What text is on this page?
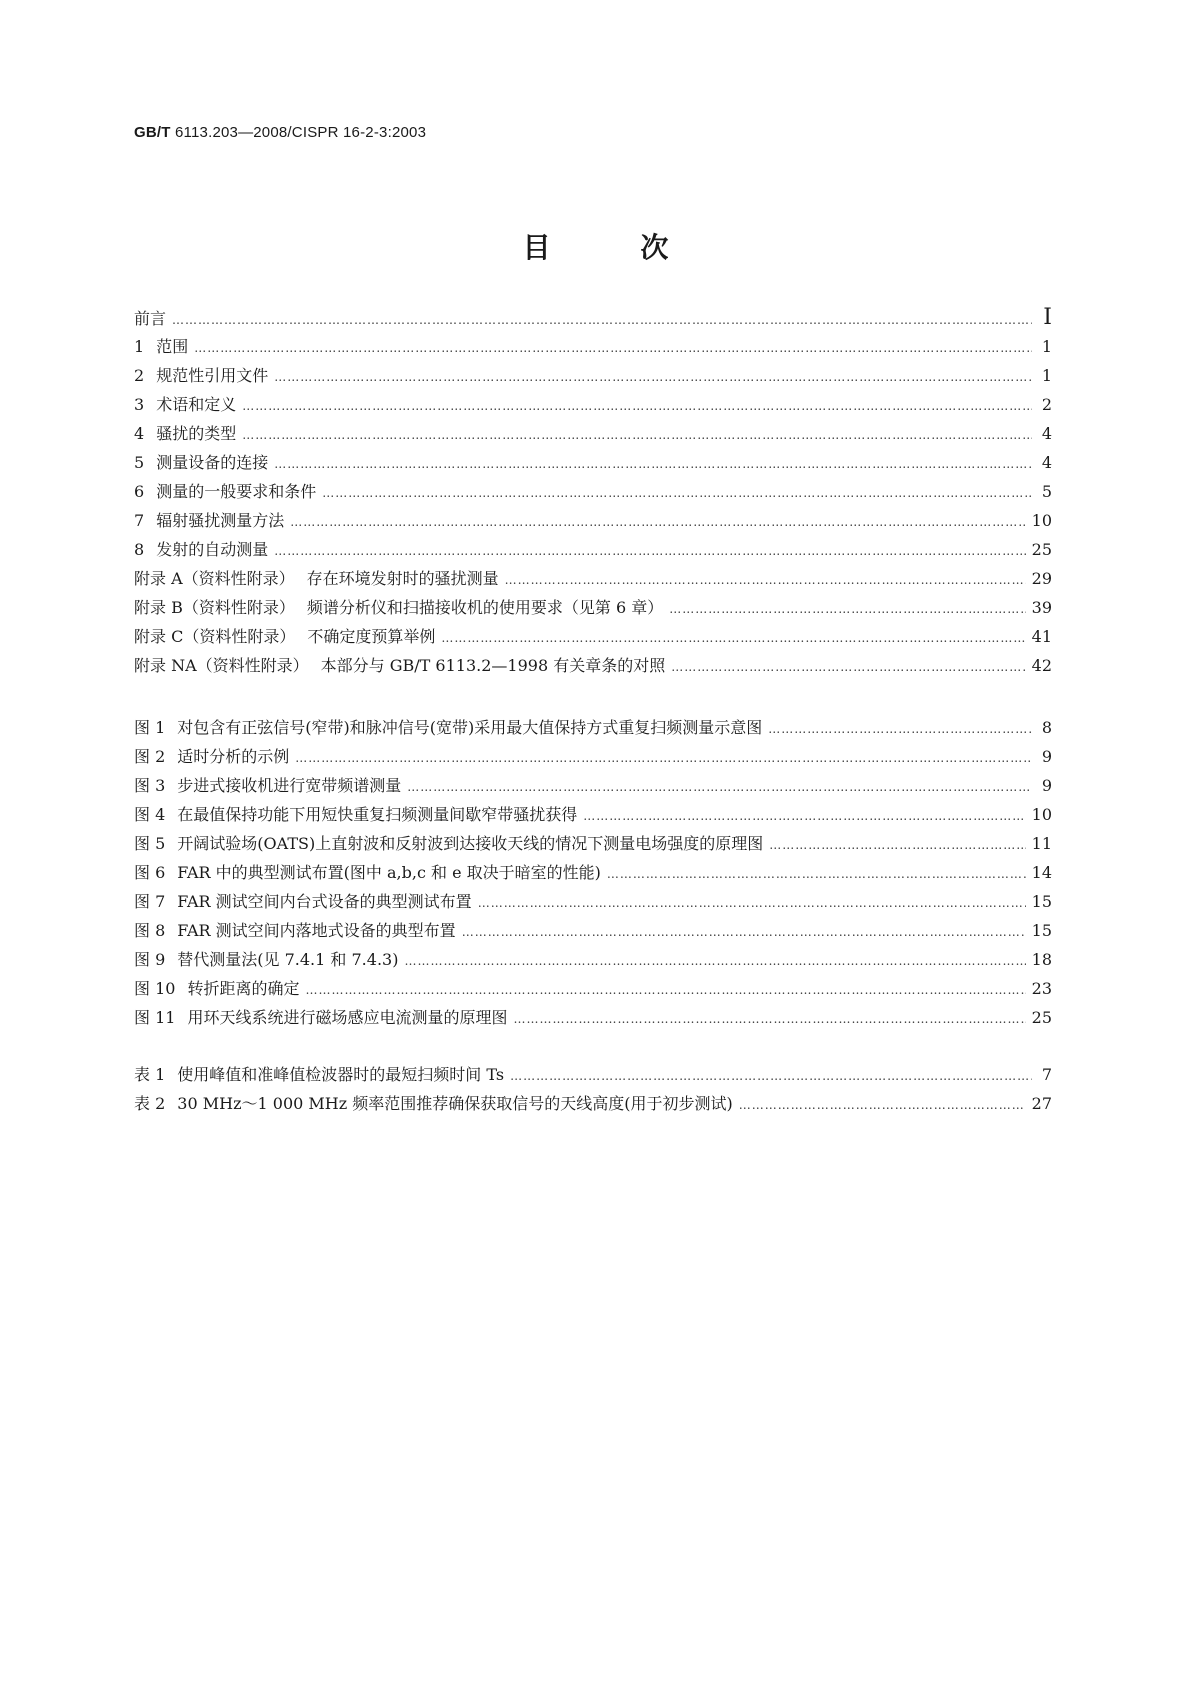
GB/T 6113.203—2008/CISPR 16-2-3:2003
目 次
前言 …………………………………………………………………………………………………………………………………………………………………………………………………………………………	Ⅰ
1 范围 …………………………………………………………………………………………………………………………………………………………………………………………………………………………	1
2 规范性引用文件 …………………………………………………………………………………………………………………………………………………………………………………………………………………………	1
3 术语和定义 …………………………………………………………………………………………………………………………………………………………………………………………………………………………	2
4 骚扰的类型 …………………………………………………………………………………………………………………………………………………………………………………………………………………………	4
5 测量设备的连接 …………………………………………………………………………………………………………………………………………………………………………………………………………………………	4
6 测量的一般要求和条件 …………………………………………………………………………………………………………………………………………………………………………………………………………………………	5
7 辐射骚扰测量方法 …………………………………………………………………………………………………………………………………………………………………………………………………………………………	10
8 发射的自动测量 …………………………………………………………………………………………………………………………………………………………………………………………………………………………	25
附录 A（资料性附录） 存在环境发射时的骚扰测量 …………………………………………………………………………………………………………………………………………………………………………………………………………………………	29
附录 B（资料性附录） 频谱分析仪和扫描接收机的使用要求（见第 6 章） …………………………………………………………………………………………………………………………………………………………………………………………………………………………	39
附录 C（资料性附录） 不确定度预算举例 …………………………………………………………………………………………………………………………………………………………………………………………………………………………	41
附录 NA（资料性附录） 本部分与 GB/T 6113.2—1998 有关章条的对照 …………………………………………………………………………………………………………………………………………………………………………………………………………………………	42
图 1 对包含有正弦信号(窄带)和脉冲信号(宽带)采用最大值保持方式重复扫频测量示意图 …………………………………………………………………………………………………………………………………………………………………………………………………………………………	8
图 2 适时分析的示例 …………………………………………………………………………………………………………………………………………………………………………………………………………………………	9
图 3 步进式接收机进行宽带频谱测量 …………………………………………………………………………………………………………………………………………………………………………………………………………………………	9
图 4 在最值保持功能下用短快重复扫频测量间歇窄带骚扰获得 …………………………………………………………………………………………………………………………………………………………………………………………………………………………	10
图 5 开阔试验场(OATS)上直射波和反射波到达接收天线的情况下测量电场强度的原理图 …………………………………………………………………………………………………………………………………………………………………………………………………………………………	11
图 6 FAR 中的典型测试布置(图中 a,b,c 和 e 取决于暗室的性能) …………………………………………………………………………………………………………………………………………………………………………………………………………………………	14
图 7 FAR 测试空间内台式设备的典型测试布置 …………………………………………………………………………………………………………………………………………………………………………………………………………………………	15
图 8 FAR 测试空间内落地式设备的典型布置 …………………………………………………………………………………………………………………………………………………………………………………………………………………………	15
图 9 替代测量法(见 7.4.1 和 7.4.3) …………………………………………………………………………………………………………………………………………………………………………………………………………………………	18
图 10 转折距离的确定 …………………………………………………………………………………………………………………………………………………………………………………………………………………………	23
图 11 用环天线系统进行磁场感应电流测量的原理图 …………………………………………………………………………………………………………………………………………………………………………………………………………………………	25
表 1 使用峰值和准峰值检波器时的最短扫频时间 Ts …………………………………………………………………………………………………………………………………………………………………………………………………………………………	7
表 2 30 MHz～1 000 MHz 频率范围推荐确保获取信号的天线高度(用于初步测试) …………………………………………………………………………………………………………………………………………………………………………………………………………………………	27
